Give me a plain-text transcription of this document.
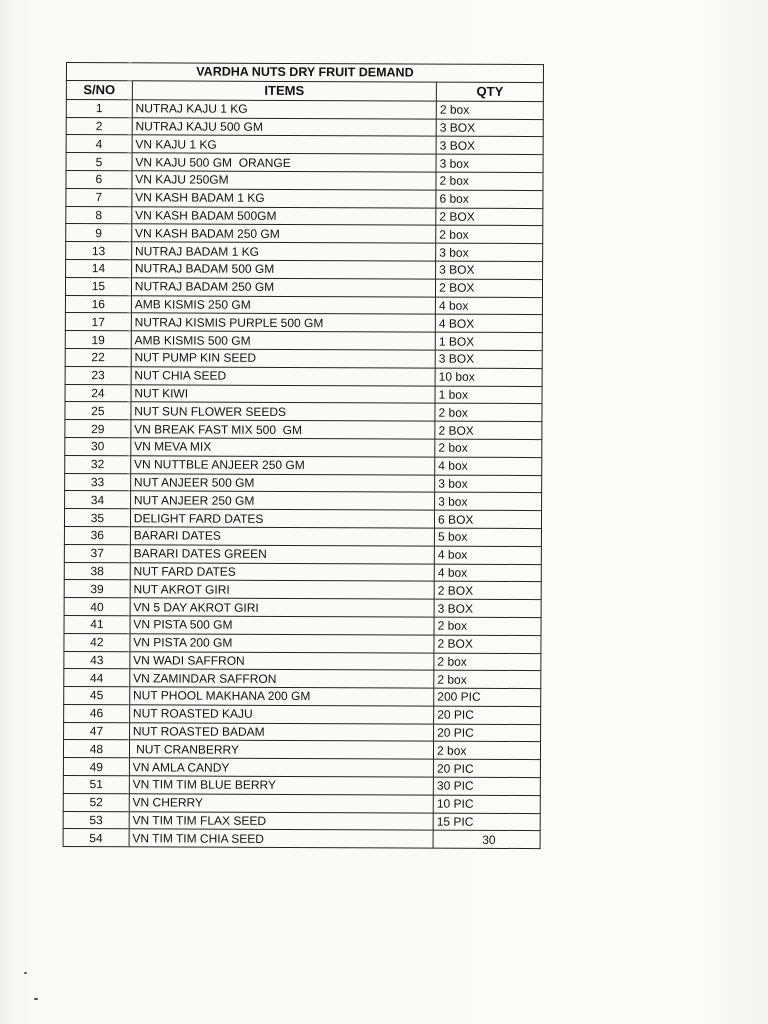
VARDHA NUTS DRY FRUIT DEMAND		
S/NO	ITEMS	QTY
1	NUTRAJ KAJU 1 KG	2 box
2	NUTRAJ KAJU 500 GM	3 BOX
4	VN KAJU 1 KG	3 BOX
5	VN KAJU 500 GM  ORANGE	3 box
6	VN KAJU 250GM	2 box
7	VN KASH BADAM 1 KG	6 box
8	VN KASH BADAM 500GM	2 BOX
9	VN KASH BADAM 250 GM	2 box
13	NUTRAJ BADAM 1 KG	3 box
14	NUTRAJ BADAM 500 GM	3 BOX
15	NUTRAJ BADAM 250 GM	2 BOX
16	AMB KISMIS 250 GM	4 box
17	NUTRAJ KISMIS PURPLE 500 GM	4 BOX
19	AMB KISMIS 500 GM	1 BOX
22	NUT PUMP KIN SEED	3 BOX
23	NUT CHIA SEED	10 box
24	NUT KIWI	1 box
25	NUT SUN FLOWER SEEDS	2 box
29	VN BREAK FAST MIX 500  GM	2 BOX
30	VN MEVA MIX	2 box
32	VN NUTTBLE ANJEER 250 GM	4 box
33	NUT ANJEER 500 GM	3 box
34	NUT ANJEER 250 GM	3 box
35	DELIGHT FARD DATES	6 BOX
36	BARARI DATES	5 box
37	BARARI DATES GREEN	4 box
38	NUT FARD DATES	4 box
39	NUT AKROT GIRI	2 BOX
40	VN 5 DAY AKROT GIRI	3 BOX
41	VN PISTA 500 GM	2 box
42	VN PISTA 200 GM	2 BOX
43	VN WADI SAFFRON	2 box
44	VN ZAMINDAR SAFFRON	2 box
45	NUT PHOOL MAKHANA 200 GM	200 PIC
46	NUT ROASTED KAJU	20 PIC
47	NUT ROASTED BADAM	20 PIC
48	NUT CRANBERRY	2 box
49	VN AMLA CANDY	20 PIC
51	VN TIM TIM BLUE BERRY	30 PIC
52	VN CHERRY	10 PIC
53	VN TIM TIM FLAX SEED	15 PIC
54	VN TIM TIM CHIA SEED	30
